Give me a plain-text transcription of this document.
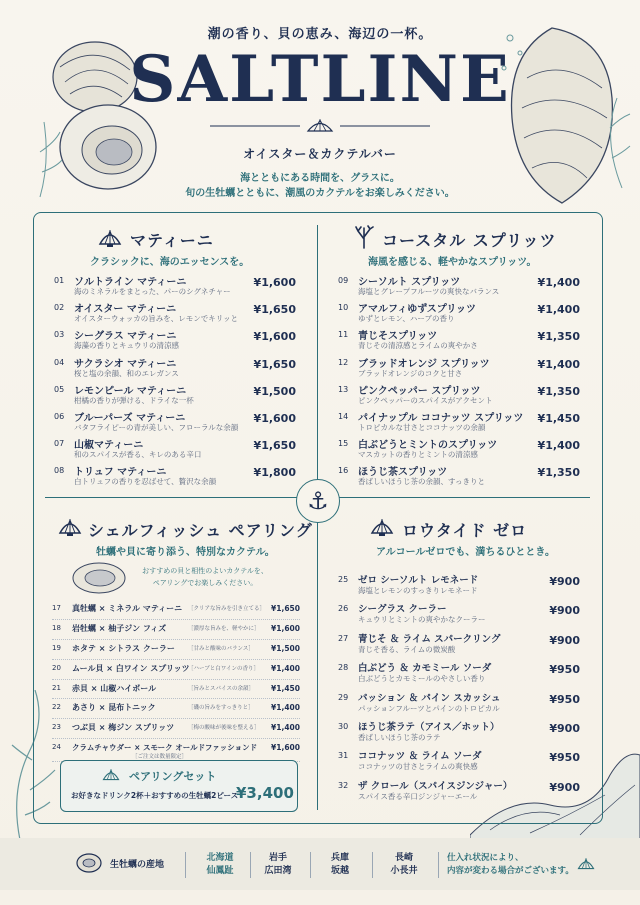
潮の香り、貝の恵み、海辺の一杯。
SALTLINE
オイスター＆カクテルバー
海とともにある時間を、グラスに。
旬の生牡蠣とともに、潮風のカクテルをお楽しみください。
⚓
マティーニ
クラシックに、海のエッセンスを。
01 ソルトライン マティーニ
海のミネラルをまとった、パーのシグネチャー
¥1,600
02 オイスター マティーニ
オイスターウォッカの旨みを、レモンでキリッと
¥1,650
03 シーグラス マティーニ
海藻の香りとキュウリの清涼感
¥1,600
04 サクラシオ マティーニ
桜と塩の余韻、和のエレガンス
¥1,650
05 レモンピール マティーニ
柑橘の香りが弾ける、ドライな一杯
¥1,500
06 ブルーパーズ マティーニ
バタフライピーの青が美しい、フローラルな余韻
¥1,600
07 山椒マティーニ
和のスパイスが香る、キレのある辛口
¥1,650
08 トリュフ マティーニ
白トリュフの香りを忍ばせて、贅沢な余韻
¥1,800
コースタル スプリッツ
海風を感じる、軽やかなスプリッツ。
09 シーソルト スプリッツ
海塩とグレープフルーツの爽快なバランス
¥1,400
10 アマルフィゆずスプリッツ
ゆずとレモン、ハーブの香り
¥1,400
11 青じそスプリッツ
青じその清涼感とライムの爽やかさ
¥1,350
12 ブラッドオレンジ スプリッツ
ブラッドオレンジのコクと甘さ
¥1,400
13 ピンクペッパー スプリッツ
ピンクペッパーのスパイスがアクセント
¥1,350
14 パイナップル ココナッツ スプリッツ
トロピカルな甘さとココナッツの余韻
¥1,450
15 白ぶどうとミントのスプリッツ
マスカットの香りとミントの清涼感
¥1,400
16 ほうじ茶スプリッツ
香ばしいほうじ茶の余韻、すっきりと
¥1,350
シェルフィッシュ ペアリング
牡蠣や貝に寄り添う、特別なカクテル。
おすすめの貝と相性のよいカクテルを、
ペアリングでお楽しみください。
17 真牡蠣 × ミネラル マティーニ ［クリアな旨みを引き立てる］ ¥1,650
18 岩牡蠣 × 柚子ジン フィズ	［濃厚な旨みを、軽やかに］ ¥1,600
19 ホタテ × シトラス クーラー ［甘みと酸味のバランス］ ¥1,500
20 ムール貝 × 白ワイン スプリッツ
［ハーブと白ワインの香り］ ¥1,400
21 赤貝 × 山椒ハイボール	［旨みとスパイスの余韻］ ¥1,450
22 あさり × 昆布トニック	［磯の旨みをすっきりと］ ¥1,400
23 つぶ貝 × 梅ジン スプリッツ	［梅の酸味が後味を整える］ ¥1,400
24 クラムチャウダー × スモーク オールドファッションド
［ご注文は数量限定］
¥1,600
ペアリングセット
お好きなドリンク2杯＋おすすめの生牡蠣2ピース
¥3,400
ロウタイド ゼロ
アルコールゼロでも、満ちるひととき。
25 ゼロ シーソルト レモネード
海塩とレモンのすっきりレモネード
¥900
26 シーグラス クーラー
キュウリとミントの爽やかなクーラー
¥900
27 青じそ ＆ ライム スパークリング
青じそ香る、ライムの微炭酸
¥900
28 白ぶどう ＆ カモミール ソーダ
白ぶどうとカモミールのやさしい香り
¥950
29 パッション ＆ パイン スカッシュ
パッションフルーツとパインのトロピカル
¥950
30 ほうじ茶ラテ（アイス／ホット）
香ばしいほうじ茶のラテ
¥900
31 ココナッツ ＆ ライム ソーダ
ココナッツの甘さとライムの爽快感
¥950
32 ザ クロール（スパイスジンジャー）
スパイス香る辛口ジンジャーエール
¥900
生牡蠣の産地
北海道
仙鳳趾
岩手
広田湾
兵庫
坂越
長崎
小長井
仕入れ状況により、
内容が変わる場合がございます。
